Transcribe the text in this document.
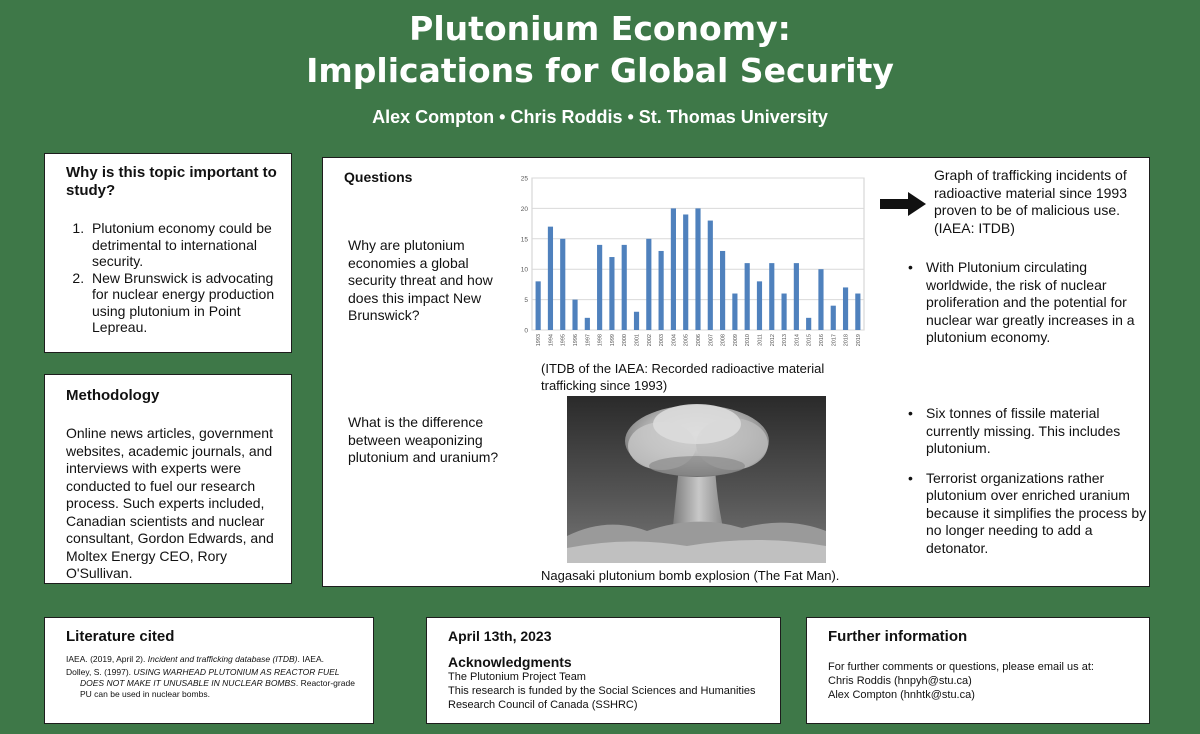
Plutonium Economy:
Implications for Global Security
Alex Compton • Chris Roddis • St. Thomas University
Why is this topic important to study?
1. Plutonium economy could be detrimental to international security.
2. New Brunswick is advocating for nuclear energy production using plutonium in Point Lepreau.
Methodology

Online news articles, government websites, academic journals, and interviews with experts were conducted to fuel our research process. Such experts included, Canadian scientists and nuclear consultant, Gordon Edwards, and Moltex Energy CEO, Rory O'Sullivan.

Questions
Why are plutonium economies a global security threat and how does this impact New Brunswick?
What is the difference between weaponizing plutonium and uranium?
0
5
10
15
20
25
1993 1994 1995 1996 1997 1998 1999 2000 2001 2002 2003 2004 2005 2006 2007 2008 2009 2010 2011 2012 2013 2014 2015 2016 2017 2018 2019
(ITDB of the IAEA: Recorded radioactive material trafficking since 1993)
Nagasaki plutonium bomb explosion (The Fat Man).
Graph of trafficking incidents of radioactive material since 1993 proven to be of malicious use. (IAEA: ITDB)
• With Plutonium circulating worldwide, the risk of nuclear proliferation and the potential for nuclear war greatly increases in a plutonium economy.
• Six tonnes of fissile material currently missing. This includes plutonium.
• Terrorist organizations rather plutonium over enriched uranium because it simplifies the process by no longer needing to add a detonator.
Literature cited
IAEA. (2019, April 2). Incident and trafficking database (ITDB). IAEA.
Dolley, S. (1997). USING WARHEAD PLUTONIUM AS REACTOR FUEL DOES NOT MAKE IT UNUSABLE IN NUCLEAR BOMBS. Reactor-grade PU can be used in nuclear bombs.
April 13th, 2023
Acknowledgments
The Plutonium Project Team
This research is funded by the Social Sciences and Humanities Research Council of Canada (SSHRC)
Further information
For further comments or questions, please email us at:
Chris Roddis (hnpyh@stu.ca)
Alex Compton (hnhtk@stu.ca)
